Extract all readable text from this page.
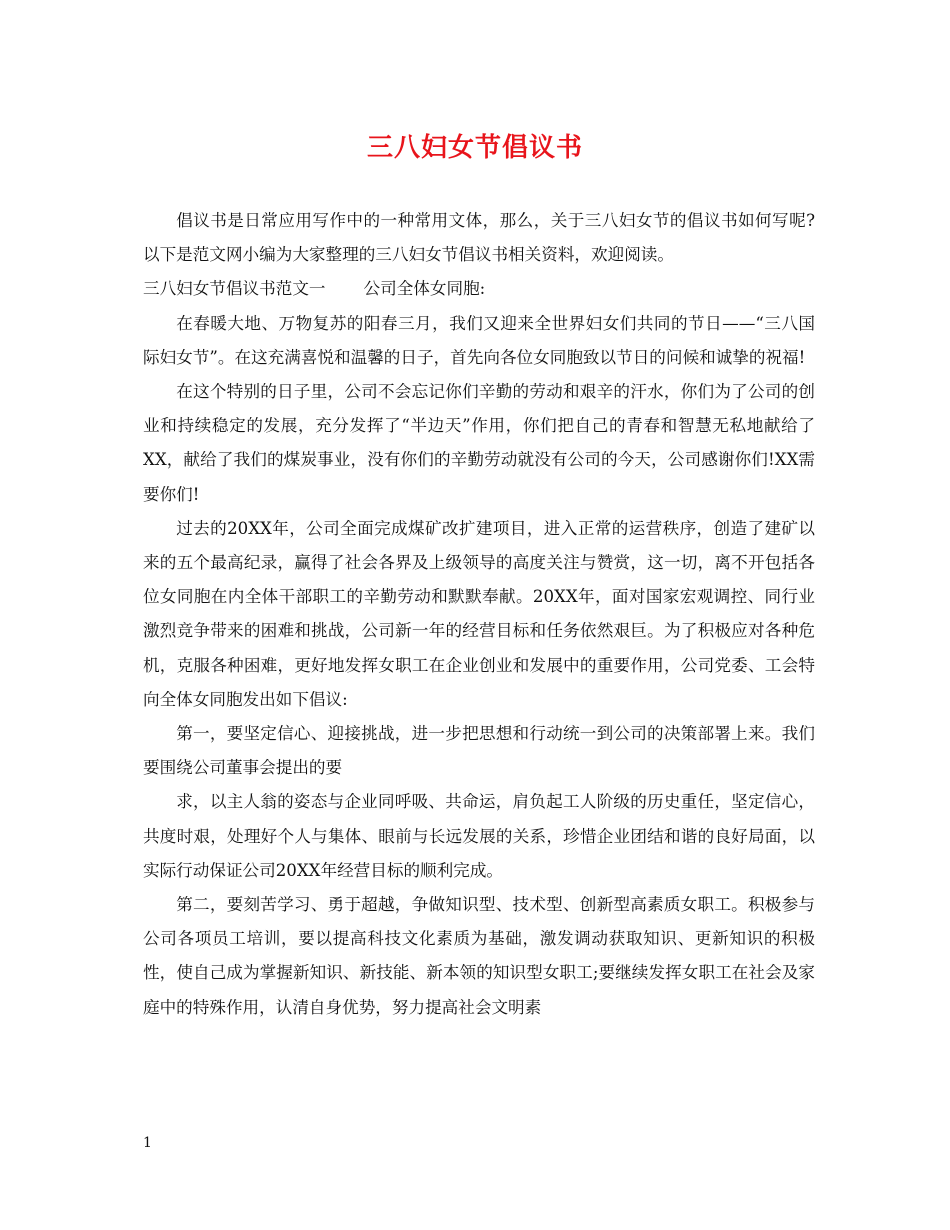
三八妇女节倡议书

倡议书是日常应用写作中的一种常用文体，那么，关于三八妇女节的倡议书如何写呢?以下是范文网小编为大家整理的三八妇女节倡议书相关资料，欢迎阅读。

三八妇女节倡议书范文一 公司全体女同胞:

在春暖大地、万物复苏的阳春三月，我们又迎来全世界妇女们共同的节日——“三八国际妇女节”。在这充满喜悦和温馨的日子，首先向各位女同胞致以节日的问候和诚挚的祝福!

在这个特别的日子里，公司不会忘记你们辛勤的劳动和艰辛的汗水，你们为了公司的创业和持续稳定的发展，充分发挥了“半边天”作用，你们把自己的青春和智慧无私地献给了XX，献给了我们的煤炭事业，没有你们的辛勤劳动就没有公司的今天，公司感谢你们!XX需要你们!

过去的20XX年，公司全面完成煤矿改扩建项目，进入正常的运营秩序，创造了建矿以来的五个最高纪录，赢得了社会各界及上级领导的高度关注与赞赏，这一切，离不开包括各位女同胞在内全体干部职工的辛勤劳动和默默奉献。20XX年，面对国家宏观调控、同行业激烈竞争带来的困难和挑战，公司新一年的经营目标和任务依然艰巨。为了积极应对各种危机，克服各种困难，更好地发挥女职工在企业创业和发展中的重要作用，公司党委、工会特向全体女同胞发出如下倡议:

第一，要坚定信心、迎接挑战，进一步把思想和行动统一到公司的决策部署上来。我们要围绕公司董事会提出的要

求，以主人翁的姿态与企业同呼吸、共命运，肩负起工人阶级的历史重任，坚定信心，共度时艰，处理好个人与集体、眼前与长远发展的关系，珍惜企业团结和谐的良好局面，以实际行动保证公司20XX年经营目标的顺利完成。

第二，要刻苦学习、勇于超越，争做知识型、技术型、创新型高素质女职工。积极参与公司各项员工培训，要以提高科技文化素质为基础，激发调动获取知识、更新知识的积极性，使自己成为掌握新知识、新技能、新本领的知识型女职工;要继续发挥女职工在社会及家庭中的特殊作用，认清自身优势，努力提高社会文明素

1
